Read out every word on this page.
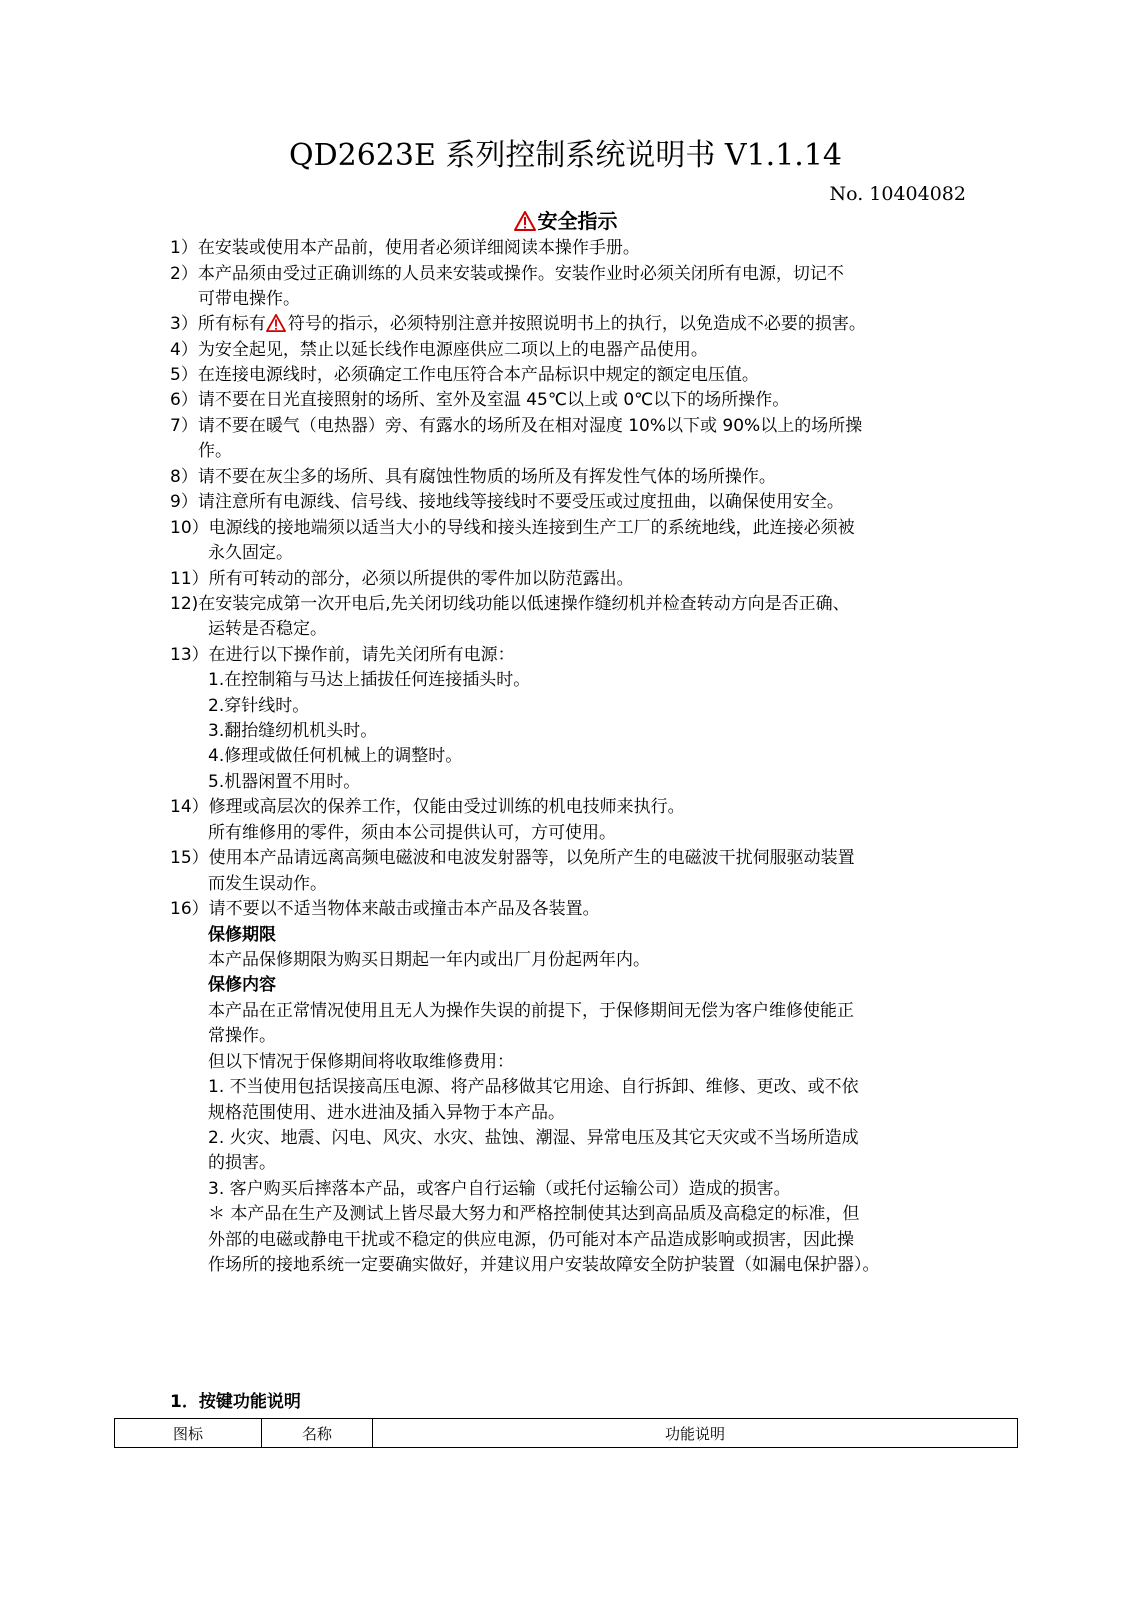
QD2623E 系列控制系统说明书 V1.1.14
No. 10404082
安全指示
1）在安装或使用本产品前，使用者必须详细阅读本操作手册。
2）本产品须由受过正确训练的人员来安装或操作。安装作业时必须关闭所有电源，切记不
可带电操作。
3）所有标有 符号的指示，必须特别注意并按照说明书上的执行，以免造成不必要的损害。
4）为安全起见，禁止以延长线作电源座供应二项以上的电器产品使用。
5）在连接电源线时，必须确定工作电压符合本产品标识中规定的额定电压值。
6）请不要在日光直接照射的场所、室外及室温 45℃以上或 0℃以下的场所操作。
7）请不要在暖气（电热器）旁、有露水的场所及在相对湿度 10%以下或 90%以上的场所操
作。
8）请不要在灰尘多的场所、具有腐蚀性物质的场所及有挥发性气体的场所操作。
9）请注意所有电源线、信号线、接地线等接线时不要受压或过度扭曲，以确保使用安全。
10）电源线的接地端须以适当大小的导线和接头连接到生产工厂的系统地线，此连接必须被
永久固定。
11）所有可转动的部分，必须以所提供的零件加以防范露出。
12)在安装完成第一次开电后,先关闭切线功能以低速操作缝纫机并检查转动方向是否正确、
运转是否稳定。
13）在进行以下操作前，请先关闭所有电源：
1.在控制箱与马达上插拔任何连接插头时。
2.穿针线时。
3.翻抬缝纫机机头时。
4.修理或做任何机械上的调整时。
5.机器闲置不用时。
14）修理或高层次的保养工作，仅能由受过训练的机电技师来执行。
所有维修用的零件，须由本公司提供认可，方可使用。
15）使用本产品请远离高频电磁波和电波发射器等，以免所产生的电磁波干扰伺服驱动装置
而发生误动作。
16）请不要以不适当物体来敲击或撞击本产品及各装置。
保修期限
本产品保修期限为购买日期起一年内或出厂月份起两年内。
保修内容
本产品在正常情况使用且无人为操作失误的前提下，于保修期间无偿为客户维修使能正
常操作。
但以下情况于保修期间将收取维修费用：
1. 不当使用包括误接高压电源、将产品移做其它用途、自行拆卸、维修、更改、或不依
规格范围使用、进水进油及插入异物于本产品。
2. 火灾、地震、闪电、风灾、水灾、盐蚀、潮湿、异常电压及其它天灾或不当场所造成
的损害。
3. 客户购买后摔落本产品，或客户自行运输（或托付运输公司）造成的损害。
＊ 本产品在生产及测试上皆尽最大努力和严格控制使其达到高品质及高稳定的标准，但
外部的电磁或静电干扰或不稳定的供应电源，仍可能对本产品造成影响或损害，因此操
作场所的接地系统一定要确实做好，并建议用户安装故障安全防护装置（如漏电保护器）。
1．按键功能说明
图标	名称	功能说明
